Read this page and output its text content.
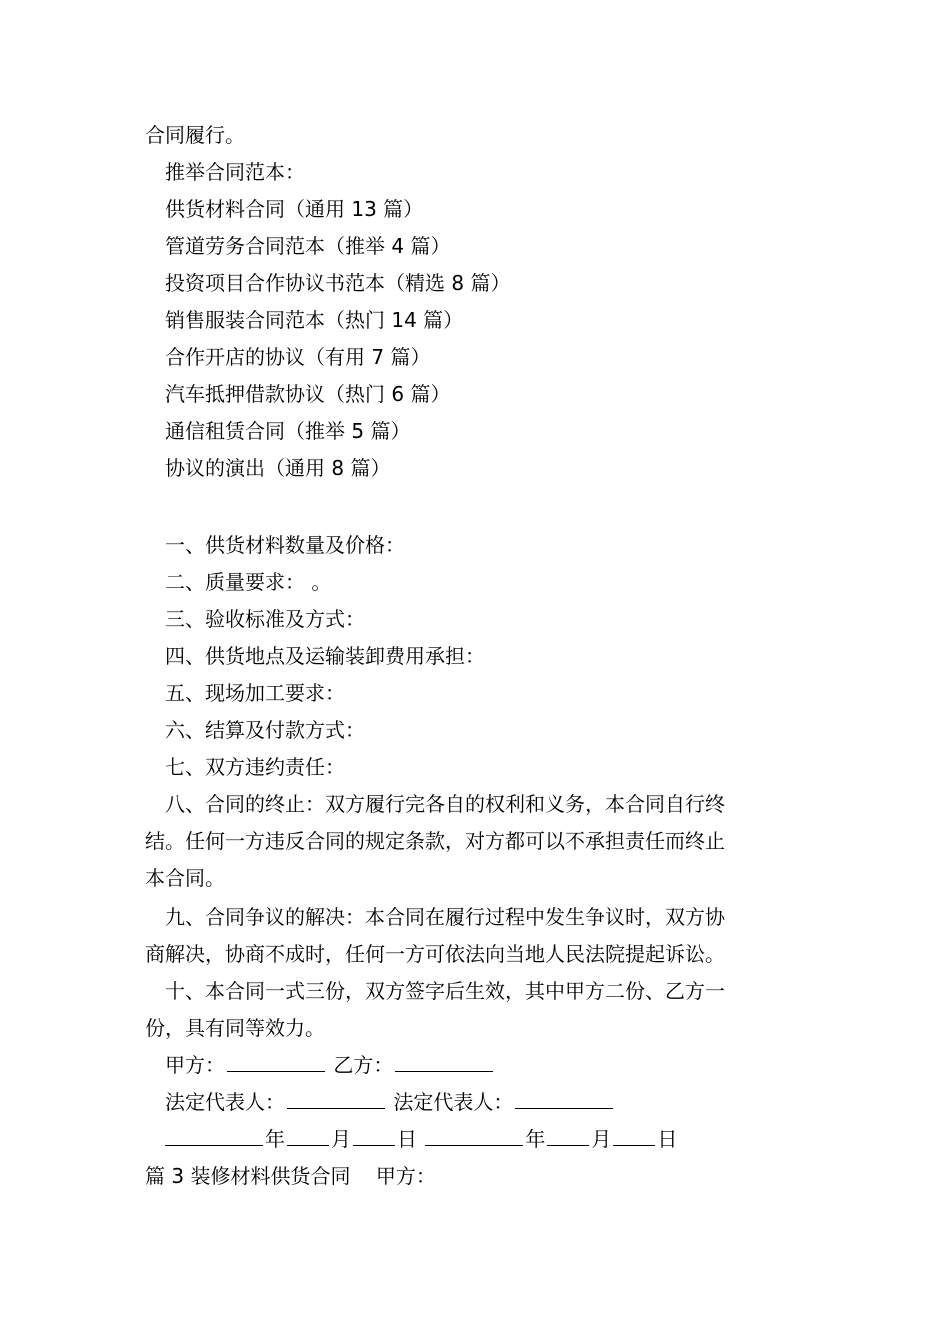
合同履行。
推举合同范本：
供货材料合同（通用 13 篇）
管道劳务合同范本（推举 4 篇）
投资项目合作协议书范本（精选 8 篇）
销售服装合同范本（热门 14 篇）
合作开店的协议（有用 7 篇）
汽车抵押借款协议（热门 6 篇）
通信租赁合同（推举 5 篇）
协议的演出（通用 8 篇）
一、供货材料数量及价格：
二、质量要求： 。
三、验收标准及方式：
四、供货地点及运输装卸费用承担：
五、现场加工要求：
六、结算及付款方式：
七、双方违约责任：
八、合同的终止：双方履行完各自的权利和义务，本合同自行终
结。任何一方违反合同的规定条款，对方都可以不承担责任而终止
本合同。
九、合同争议的解决：本合同在履行过程中发生争议时，双方协
商解决，协商不成时，任何一方可依法向当地人民法院提起诉讼。
十、本合同一式三份，双方签字后生效，其中甲方二份、乙方一
份，具有同等效力。
甲方：	乙方：
法定代表人：	法定代表人：
年 月 日	年 月 日
篇 3 装修材料供货合同    甲方：
